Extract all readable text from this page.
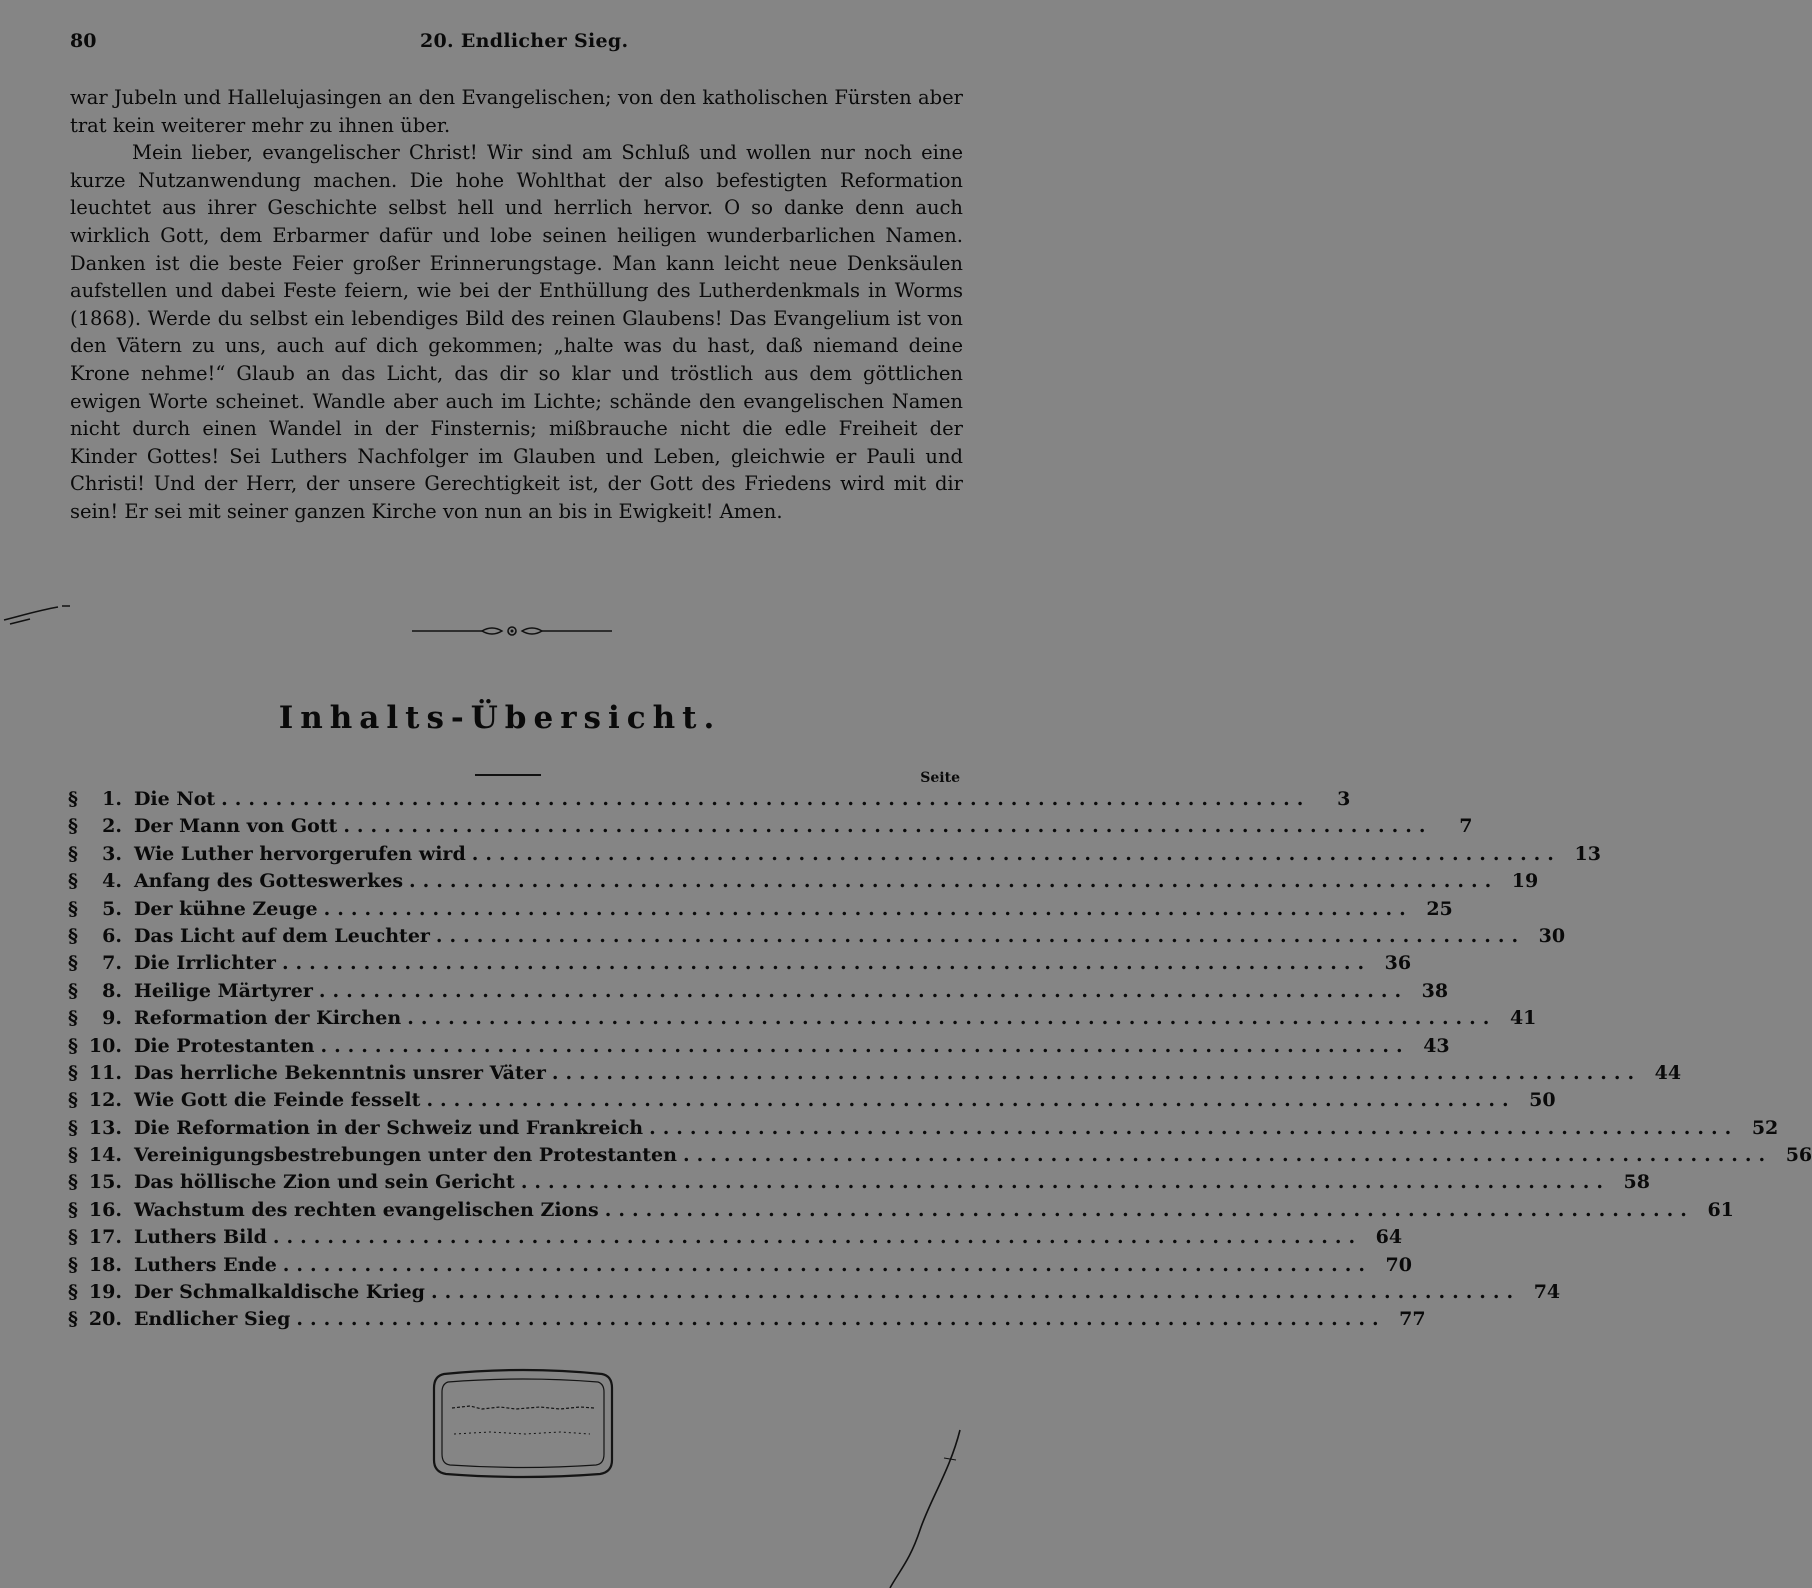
80	20. Endlicher Sieg.

war Jubeln und Hallelujasingen an den Evangelischen; von den katholischen Fürsten aber trat kein weiterer mehr zu ihnen über.

Mein lieber, evangelischer Christ! Wir sind am Schluß und wollen nur noch eine kurze Nutzanwendung machen. Die hohe Wohlthat der also befestigten Reformation leuchtet aus ihrer Geschichte selbst hell und herrlich hervor. O so danke denn auch wirklich Gott, dem Erbarmer dafür und lobe seinen heiligen wunderbarlichen Namen. Danken ist die beste Feier großer Erinnerungstage. Man kann leicht neue Denksäulen aufstellen und dabei Feste feiern, wie bei der Enthüllung des Lutherdenkmals in Worms (1868). Werde du selbst ein lebendiges Bild des reinen Glaubens! Das Evangelium ist von den Vätern zu uns, auch auf dich gekommen; „halte was du hast, daß niemand deine Krone nehme!“ Glaub an das Licht, das dir so klar und tröstlich aus dem göttlichen ewigen Worte scheinet. Wandle aber auch im Lichte; schände den evangelischen Namen nicht durch einen Wandel in der Finsternis; mißbrauche nicht die edle Freiheit der Kinder Gottes! Sei Luthers Nachfolger im Glauben und Leben, gleichwie er Pauli und Christi! Und der Herr, der unsere Gerechtigkeit ist, der Gott des Friedens wird mit dir sein! Er sei mit seiner ganzen Kirche von nun an bis in Ewigkeit! Amen.

Inhalts-Übersicht.
Seite
§	1. Die Not ................................................................................	3
§	2. Der Mann von Gott ................................................................................	7
§	3. Wie Luther hervorgerufen wird ................................................................................ 13
§	4. Anfang des Gotteswerkes ................................................................................ 19
§	5. Der kühne Zeuge ................................................................................ 25
§	6. Das Licht auf dem Leuchter ................................................................................ 30
§	7. Die Irrlichter ................................................................................ 36
§	8. Heilige Märtyrer ................................................................................ 38
§	9. Reformation der Kirchen ................................................................................ 41
§ 10. Die Protestanten ................................................................................ 43
§ 11. Das herrliche Bekenntnis unsrer Väter ................................................................................ 44
§ 12. Wie Gott die Feinde fesselt ................................................................................ 50
§ 13. Die Reformation in der Schweiz und Frankreich ................................................................................ 52
§ 14. Vereinigungsbestrebungen unter den Protestanten ................................................................................ 56
§ 15. Das höllische Zion und sein Gericht ................................................................................ 58
§ 16. Wachstum des rechten evangelischen Zions ................................................................................ 61
§ 17. Luthers Bild ................................................................................ 64
§ 18. Luthers Ende ................................................................................ 70
§ 19. Der Schmalkaldische Krieg ................................................................................ 74
§ 20. Endlicher Sieg ................................................................................ 77
